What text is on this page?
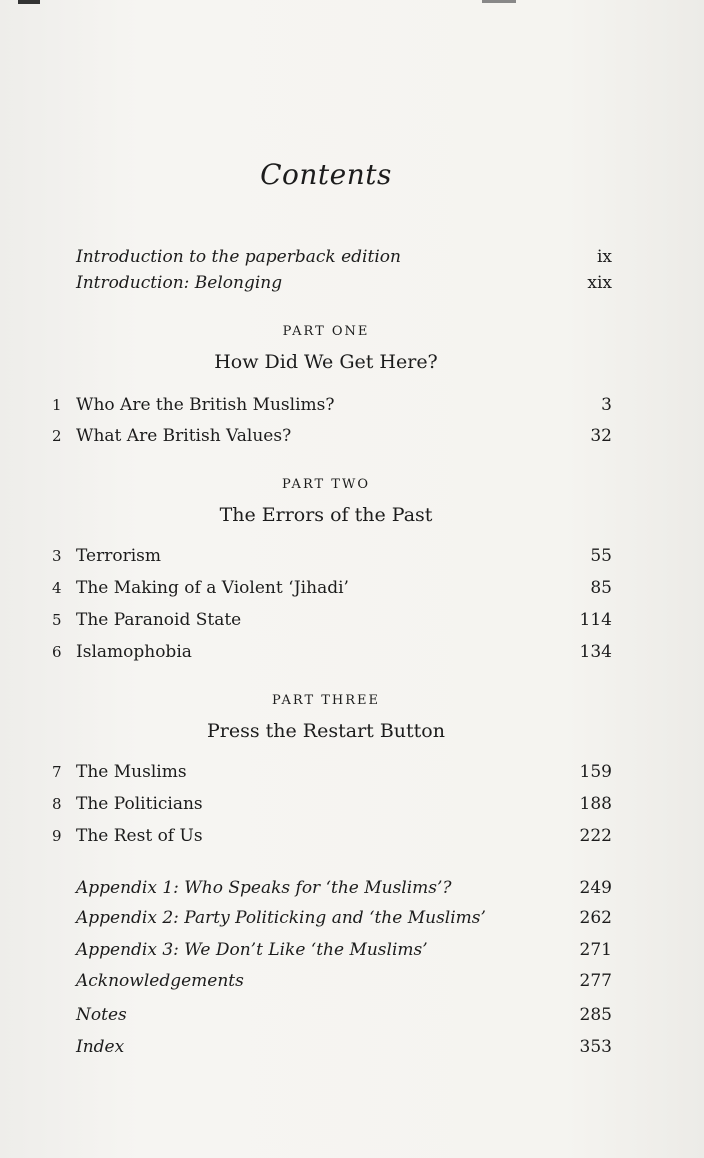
Contents
Introduction to the paperback edition	ix
Introduction: Belonging	xix
PART ONE
How Did We Get Here?
1 Who Are the British Muslims?	3
2 What Are British Values?	32
PART TWO
The Errors of the Past
3 Terrorism	55
4 The Making of a Violent ‘Jihadi’	85
5 The Paranoid State	114
6 Islamophobia	134
PART THREE
Press the Restart Button
7 The Muslims	159
8 The Politicians	188
9 The Rest of Us	222
Appendix 1: Who Speaks for ‘the Muslims’?	249
Appendix 2: Party Politicking and ‘the Muslims’	262
Appendix 3: We Don’t Like ‘the Muslims’	271
Acknowledgements	277
Notes	285
Index	353
